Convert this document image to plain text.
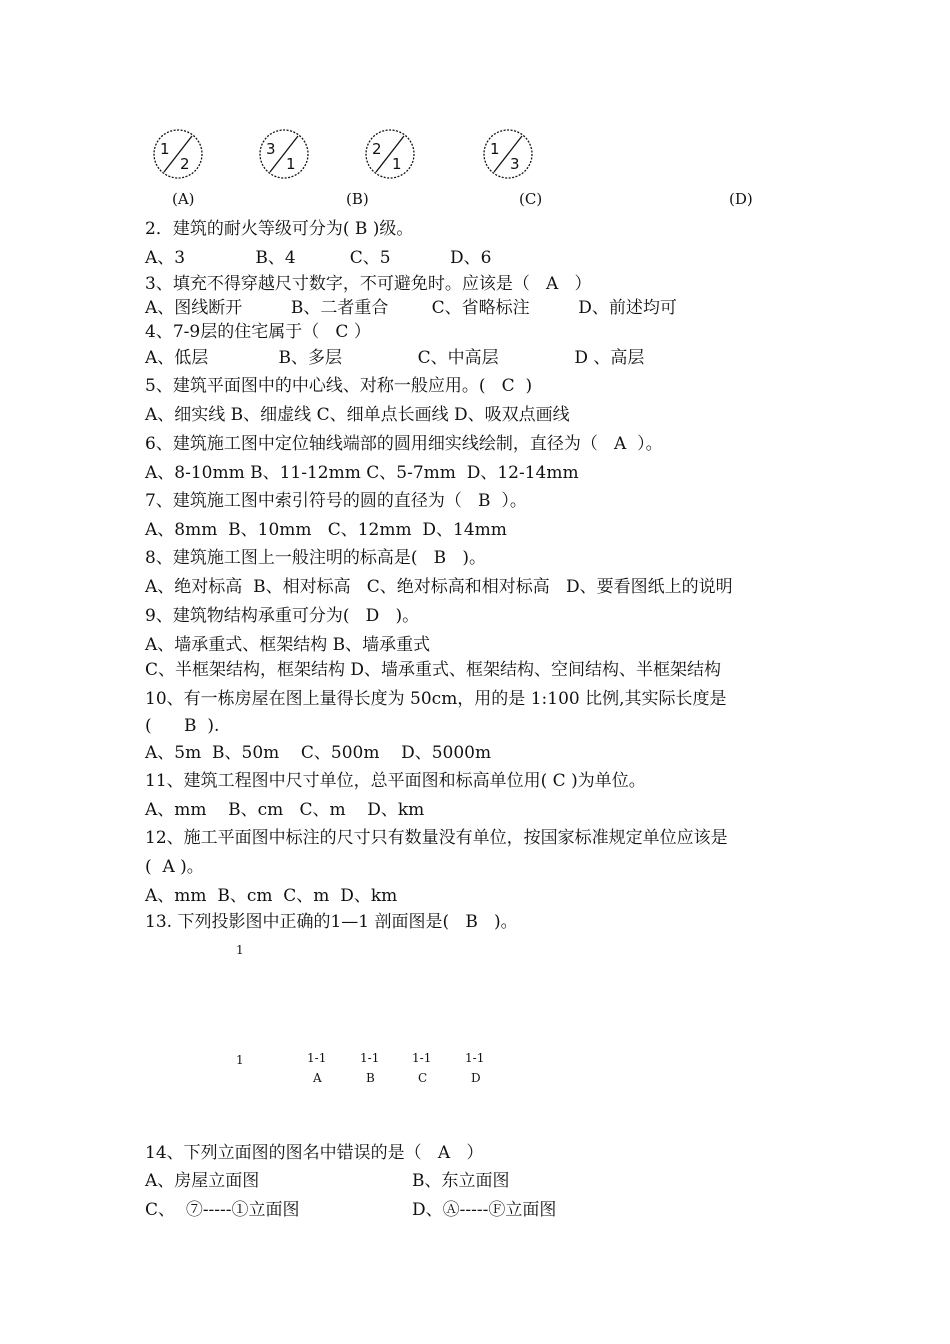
1
2
3
1
2
1
1
3
(A)	(B)	(C)	(D)
2．建筑的耐火等级可分为( B )级。
A、3             B、4          C、5           D、6
3、填充不得穿越尺寸数字，不可避免时。应该是（   A   ）
A、图线断开         B、二者重合        C、省略标注         D、前述均可
4、7-9层的住宅属于（   C ）
A、低层             B、多层              C、中高层              D 、高层
5、建筑平面图中的中心线、对称一般应用。(   C  )
A、细实线 B、细虚线 C、细单点长画线 D、吸双点画线
6、建筑施工图中定位轴线端部的圆用细实线绘制，直径为（   A  ）。
A、8-10mm B、11-12mm C、5-7mm  D、12-14mm
7、建筑施工图中索引符号的圆的直径为（   B  ）。
A、8mm  B、10mm   C、12mm  D、14mm
8、建筑施工图上一般注明的标高是(   B   )。
A、绝对标高  B、相对标高   C、绝对标高和相对标高   D、要看图纸上的说明
9、建筑物结构承重可分为(   D   )。
A、墙承重式、框架结构 B、墙承重式
C、半框架结构，框架结构 D、墙承重式、框架结构、空间结构、半框架结构
10、有一栋房屋在图上量得长度为 50cm，用的是 1:100 比例,其实际长度是
(      B  ).
A、5m  B、50m    C、500m    D、5000m
11、建筑工程图中尺寸单位，总平面图和标高单位用( C )为单位。
A、mm    B、cm   C、m    D、km
12、施工平面图中标注的尺寸只有数量没有单位，按国家标准规定单位应该是
(  A )。
A、mm  B、cm  C、m  D、km
13. 下列投影图中正确的1—1 剖面图是(   B   )。
1
1	1-1
A
1-1
B
1-1
C
1-1
D
14、下列立面图的图名中错误的是（   A   ）
A、房屋立面图	B、东立面图
C、  ⑦-----①立面图	D、Ⓐ-----Ⓕ立面图
